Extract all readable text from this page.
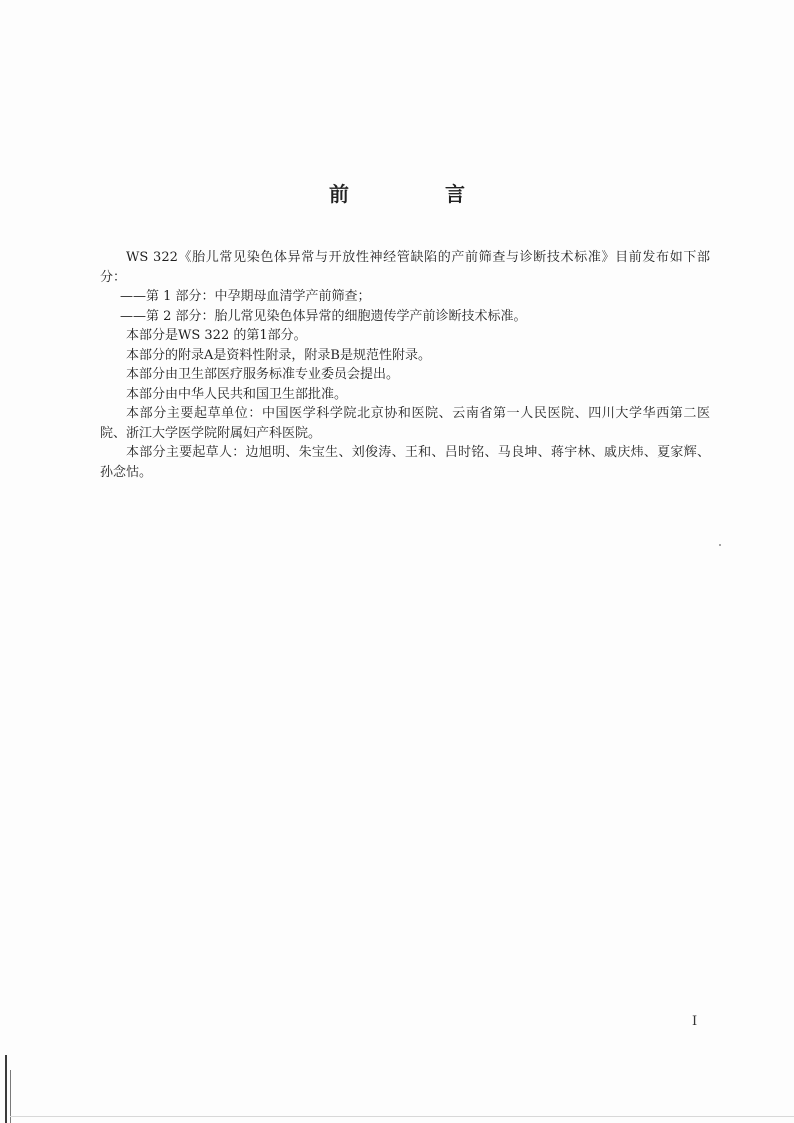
前　言

WS 322《胎儿常见染色体异常与开放性神经管缺陷的产前筛查与诊断技术标准》目前发布如下部分：

——第 1 部分：中孕期母血清学产前筛查；

——第 2 部分：胎儿常见染色体异常的细胞遗传学产前诊断技术标准。

本部分是WS 322 的第1部分。

本部分的附录A是资料性附录，附录B是规范性附录。

本部分由卫生部医疗服务标准专业委员会提出。

本部分由中华人民共和国卫生部批准。

本部分主要起草单位：中国医学科学院北京协和医院、云南省第一人民医院、四川大学华西第二医院、浙江大学医学院附属妇产科医院。

本部分主要起草人：边旭明、朱宝生、刘俊涛、王和、吕时铭、马良坤、蒋宇林、戚庆炜、夏家辉、孙念怙。

I
